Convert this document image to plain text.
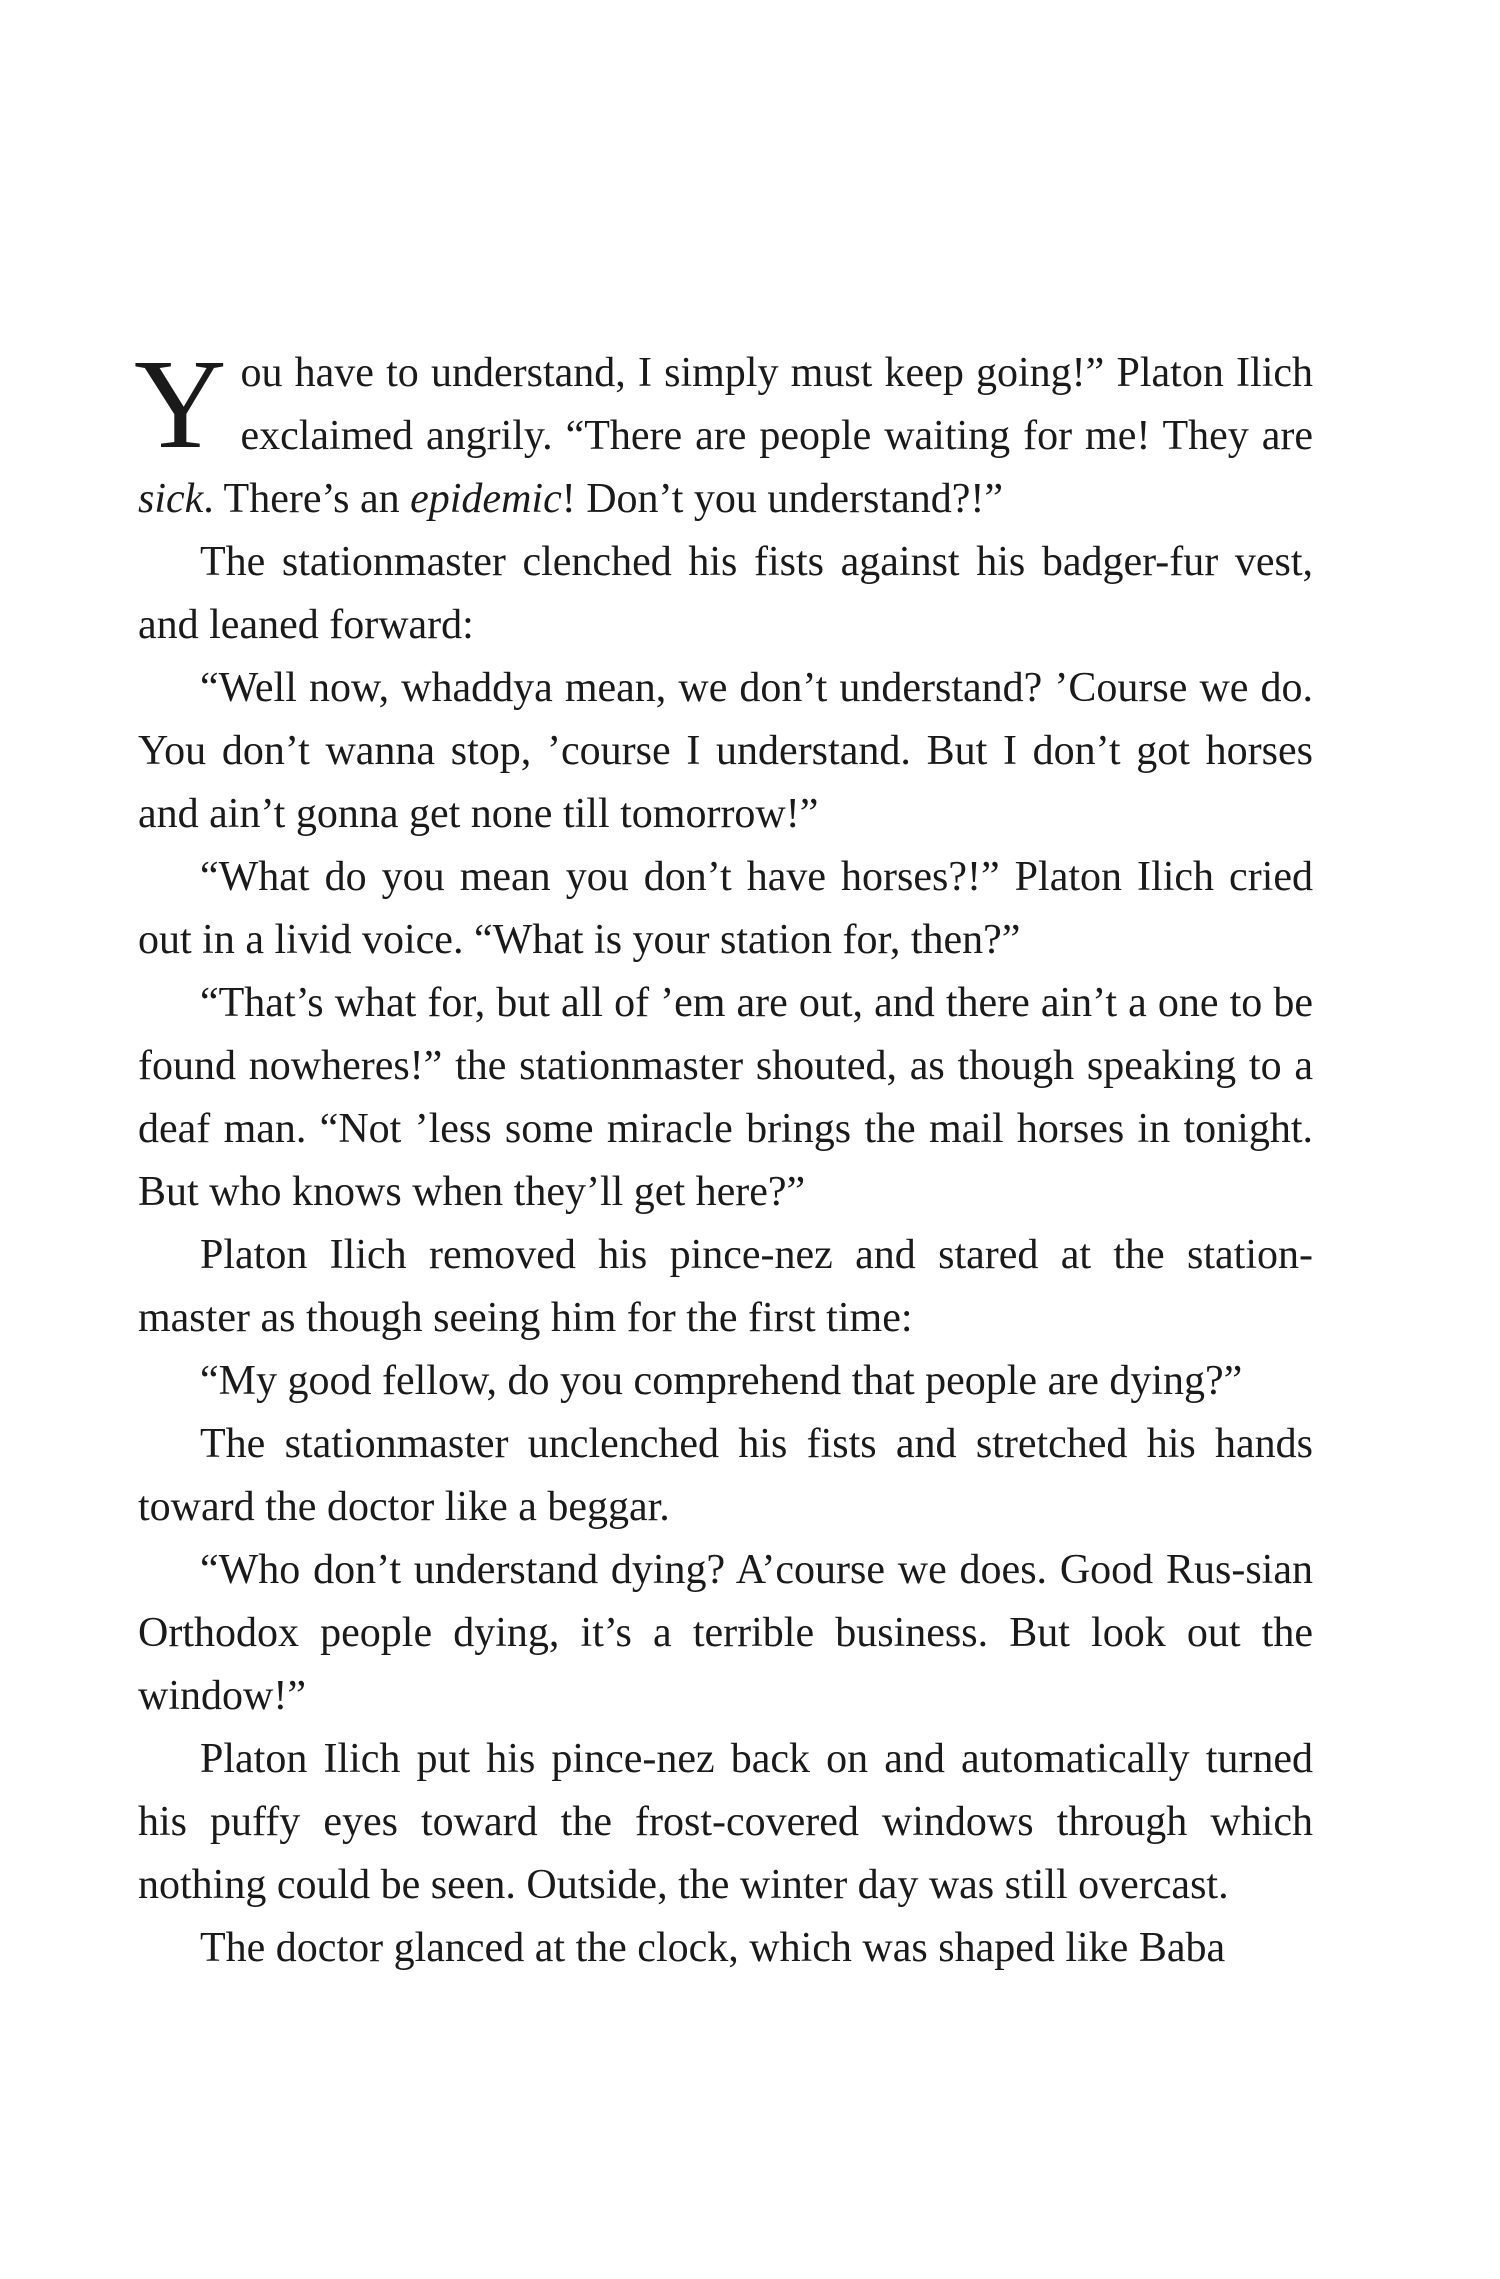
You have to understand, I simply must keep going!” Platon Ilich exclaimed angrily. “There are people waiting for me! They are sick. There’s an epidemic! Don’t you understand?!”

The stationmaster clenched his fists against his badger-fur vest, and leaned forward:

“Well now, whaddya mean, we don’t understand? ’Course we do. You don’t wanna stop, ’course I understand. But I don’t got horses and ain’t gonna get none till tomorrow!”

“What do you mean you don’t have horses?!” Platon Ilich cried out in a livid voice. “What is your station for, then?”

“That’s what for, but all of ’em are out, and there ain’t a one to be found nowheres!” the stationmaster shouted, as though speaking to a deaf man. “Not ’less some miracle brings the mail horses in tonight. But who knows when they’ll get here?”

Platon Ilich removed his pince-nez and stared at the station-master as though seeing him for the first time:

“My good fellow, do you comprehend that people are dying?”

The stationmaster unclenched his fists and stretched his hands toward the doctor like a beggar.

“Who don’t understand dying? A’course we does. Good Rus-sian Orthodox people dying, it’s a terrible business. But look out the window!”

Platon Ilich put his pince-nez back on and automatically turned his puffy eyes toward the frost-covered windows through which nothing could be seen. Outside, the winter day was still overcast.

The doctor glanced at the clock, which was shaped like Baba
